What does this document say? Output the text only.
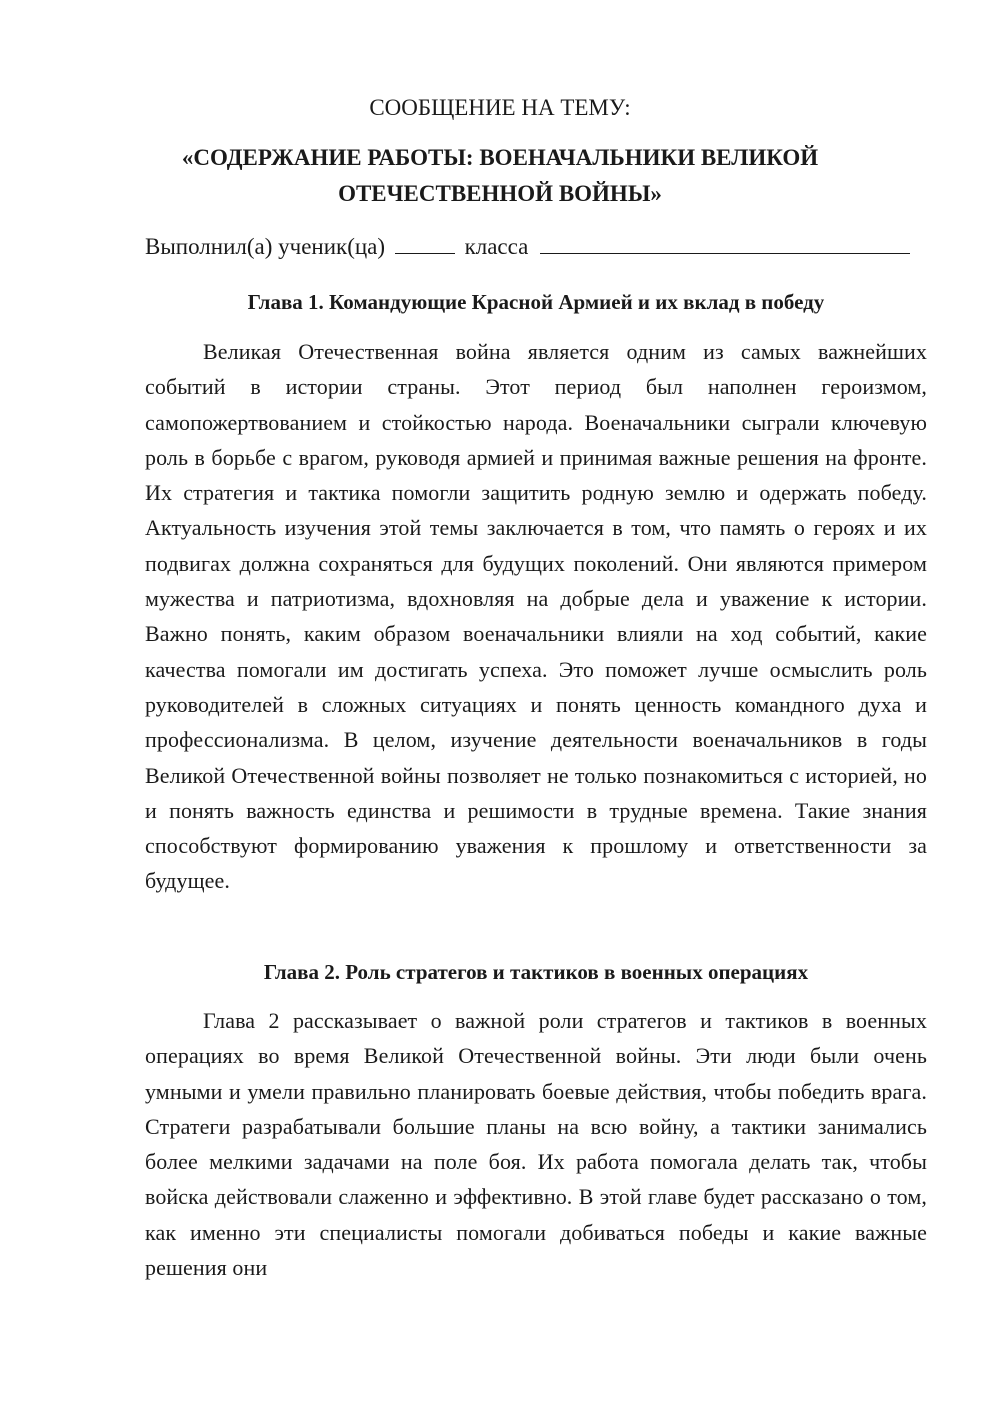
СООБЩЕНИЕ НА ТЕМУ:
«СОДЕРЖАНИЕ РАБОТЫ: ВОЕНАЧАЛЬНИКИ ВЕЛИКОЙ ОТЕЧЕСТВЕННОЙ ВОЙНЫ»

Выполнил(а) ученик(ца)	класса

Глава 1. Командующие Красной Армией и их вклад в победу

Великая Отечественная война является одним из самых важнейших событий в истории страны. Этот период был наполнен героизмом, самопожертвованием и стойкостью народа. Военачальники сыграли ключевую роль в борьбе с врагом, руководя армией и принимая важные решения на фронте. Их стратегия и тактика помогли защитить родную землю и одержать победу. Актуальность изучения этой темы заключается в том, что память о героях и их подвигах должна сохраняться для будущих поколений. Они являются примером мужества и патриотизма, вдохновляя на добрые дела и уважение к истории. Важно понять, каким образом военачальники влияли на ход событий, какие качества помогали им достигать успеха. Это поможет лучше осмыслить роль руководителей в сложных ситуациях и понять ценность командного духа и профессионализма. В целом, изучение деятельности военачальников в годы Великой Отечественной войны позволяет не только познакомиться с историей, но и понять важность единства и решимости в трудные времена. Такие знания способствуют формированию уважения к прошлому и ответственности за будущее.

Глава 2. Роль стратегов и тактиков в военных операциях

Глава 2 рассказывает о важной роли стратегов и тактиков в военных операциях во время Великой Отечественной войны. Эти люди были очень умными и умели правильно планировать боевые действия, чтобы победить врага. Стратеги разрабатывали большие планы на всю войну, а тактики занимались более мелкими задачами на поле боя. Их работа помогала делать так, чтобы войска действовали слаженно и эффективно. В этой главе будет рассказано о том, как именно эти специалисты помогали добиваться победы и какие важные решения они
